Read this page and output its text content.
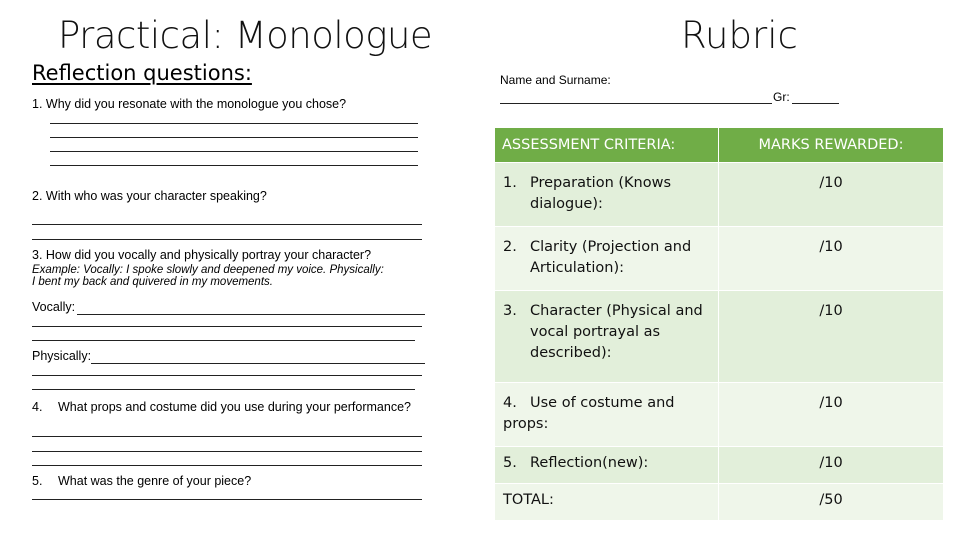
Practical: Monologue
Reflection questions:
1. Why did you resonate with the monologue you chose?
2. With who was your character speaking?
3. How did you vocally and physically portray your character?
Example: Vocally: I spoke slowly and deepened my voice. Physically:
I bent my back and quivered in my movements.
Vocally:
Physically:
4. What props and costume did you use during your performance?
5. What was the genre of your piece?
Rubric
Name and Surname:
Gr:
ASSESSMENT CRITERIA:	MARKS REWARDED:

1. Preparation (Knows
dialogue):	/10

2. Clarity (Projection and
Articulation):	/10

3. Character (Physical and
vocal portrayal as
described):	/10

4. Use of costume and
props:	/10

5. Reflection(new):	/10

TOTAL:	/50
